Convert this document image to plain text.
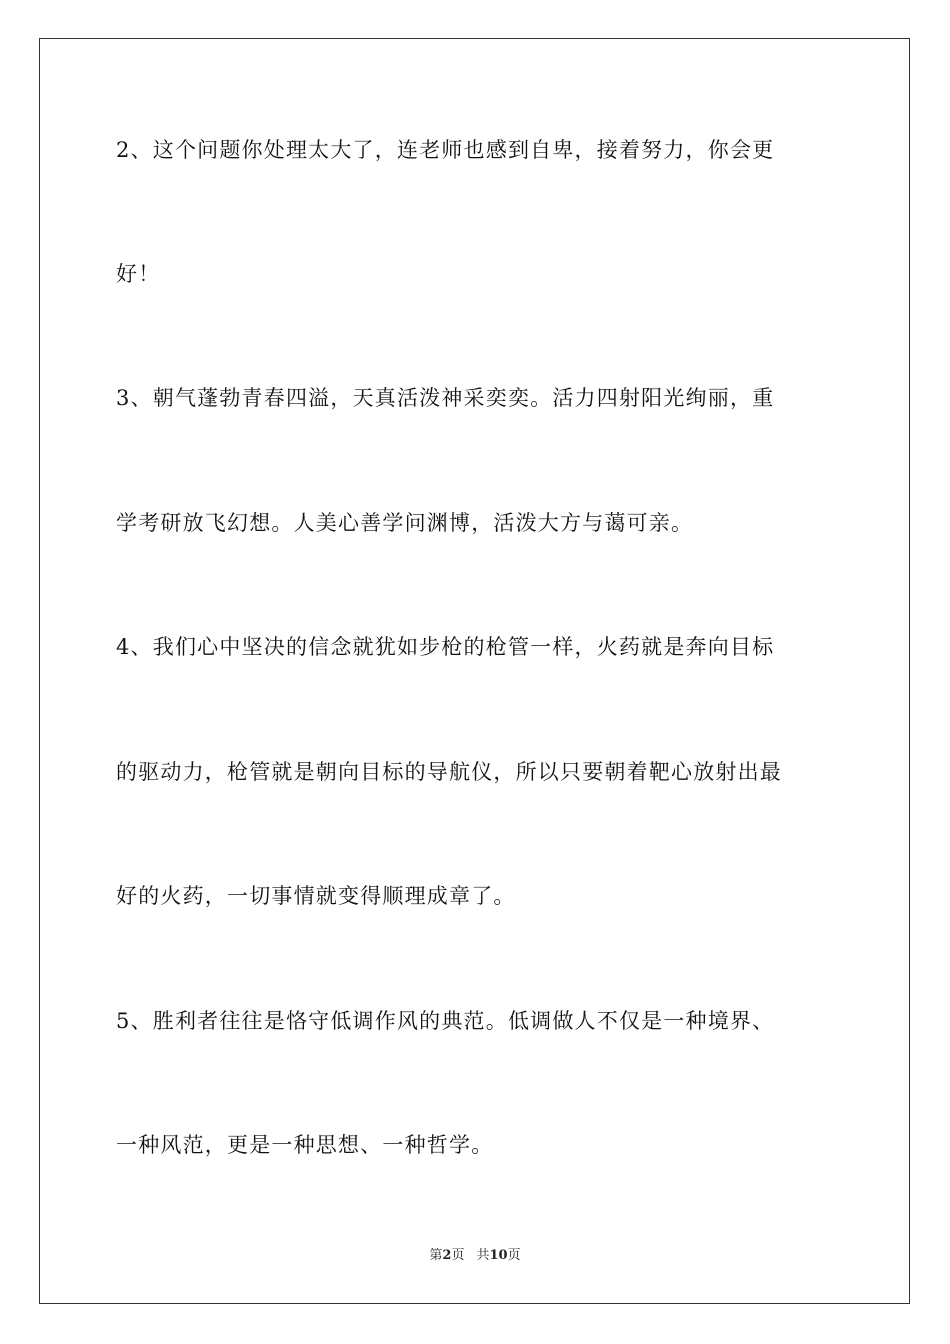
2、这个问题你处理太大了，连老师也感到自卑，接着努力，你会更
好！
3、朝气蓬勃青春四溢，天真活泼神采奕奕。活力四射阳光绚丽，重
学考研放飞幻想。人美心善学问渊博，活泼大方与蔼可亲。
4、我们心中坚决的信念就犹如步枪的枪管一样，火药就是奔向目标
的驱动力，枪管就是朝向目标的导航仪，所以只要朝着靶心放射出最
好的火药，一切事情就变得顺理成章了。
5、胜利者往往是恪守低调作风的典范。低调做人不仅是一种境界、
一种风范，更是一种思想、一种哲学。
第2页 共10页
